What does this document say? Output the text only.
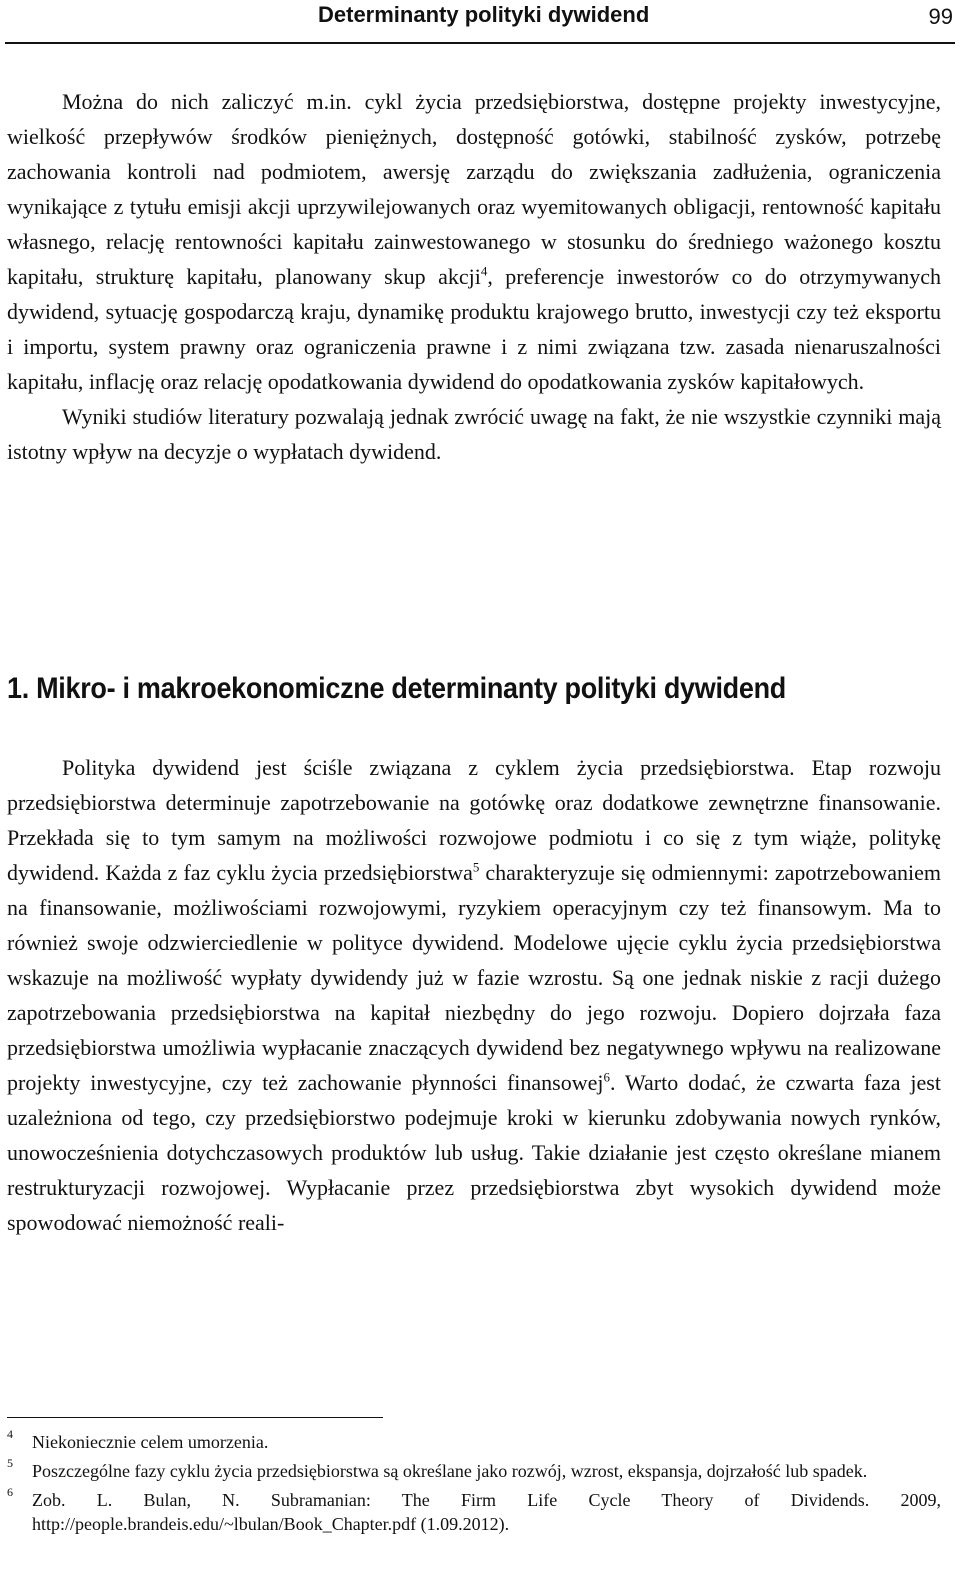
Determinanty polityki dywidend	99

Można do nich zaliczyć m.in. cykl życia przedsiębiorstwa, dostępne projekty inwestycyjne, wielkość przepływów środków pieniężnych, dostępność gotówki, stabilność zysków, potrzebę zachowania kontroli nad podmiotem, awersję zarządu do zwiększania zadłużenia, ograniczenia wynikające z tytułu emisji akcji uprzywilejowanych oraz wyemitowanych obligacji, rentowność kapitału własnego, relację rentowności kapitału zainwestowanego w stosunku do średniego ważonego kosztu kapitału, strukturę kapitału, planowany skup akcji$^4$, preferencje inwestorów co do otrzymywanych dywidend, sytuację gospodarczą kraju, dynamikę produktu krajowego brutto, inwestycji czy też eksportu i importu, system prawny oraz ograniczenia prawne i z nimi związana tzw. zasada nienaruszalności kapitału, inflację oraz relację opodatkowania dywidend do opodatkowania zysków kapitałowych.

Wyniki studiów literatury pozwalają jednak zwrócić uwagę na fakt, że nie wszystkie czynniki mają istotny wpływ na decyzje o wypłatach dywidend.

1. Mikro- i makroekonomiczne determinanty polityki dywidend

Polityka dywidend jest ściśle związana z cyklem życia przedsiębiorstwa. Etap rozwoju przedsiębiorstwa determinuje zapotrzebowanie na gotówkę oraz dodatkowe zewnętrzne finansowanie. Przekłada się to tym samym na możliwości rozwojowe podmiotu i co się z tym wiąże, politykę dywidend. Każda z faz cyklu życia przedsiębiorstwa$^5$ charakteryzuje się odmiennymi: zapotrzebowaniem na finansowanie, możliwościami rozwojowymi, ryzykiem operacyjnym czy też finansowym. Ma to również swoje odzwierciedlenie w polityce dywidend. Modelowe ujęcie cyklu życia przedsiębiorstwa wskazuje na możliwość wypłaty dywidendy już w fazie wzrostu. Są one jednak niskie z racji dużego zapotrzebowania przedsiębiorstwa na kapitał niezbędny do jego rozwoju. Dopiero dojrzała faza przedsiębiorstwa umożliwia wypłacanie znaczących dywidend bez negatywnego wpływu na realizowane projekty inwestycyjne, czy też zachowanie płynności finansowej$^6$. Warto dodać, że czwarta faza jest uzależniona od tego, czy przedsiębiorstwo podejmuje kroki w kierunku zdobywania nowych rynków, unowocześnienia dotychczasowych produktów lub usług. Takie działanie jest często określane mianem restrukturyzacji rozwojowej. Wypłacanie przez przedsiębiorstwa zbyt wysokich dywidend może spowodować niemożność reali-

4 Niekoniecznie celem umorzenia.
5 Poszczególne fazy cyklu życia przedsiębiorstwa są określane jako rozwój, wzrost, ekspansja, dojrzałość lub spadek.
6 Zob. L. Bulan, N. Subramanian: The Firm Life Cycle Theory of Dividends. 2009, http://people.brandeis.edu/~lbulan/Book_Chapter.pdf (1.09.2012).
